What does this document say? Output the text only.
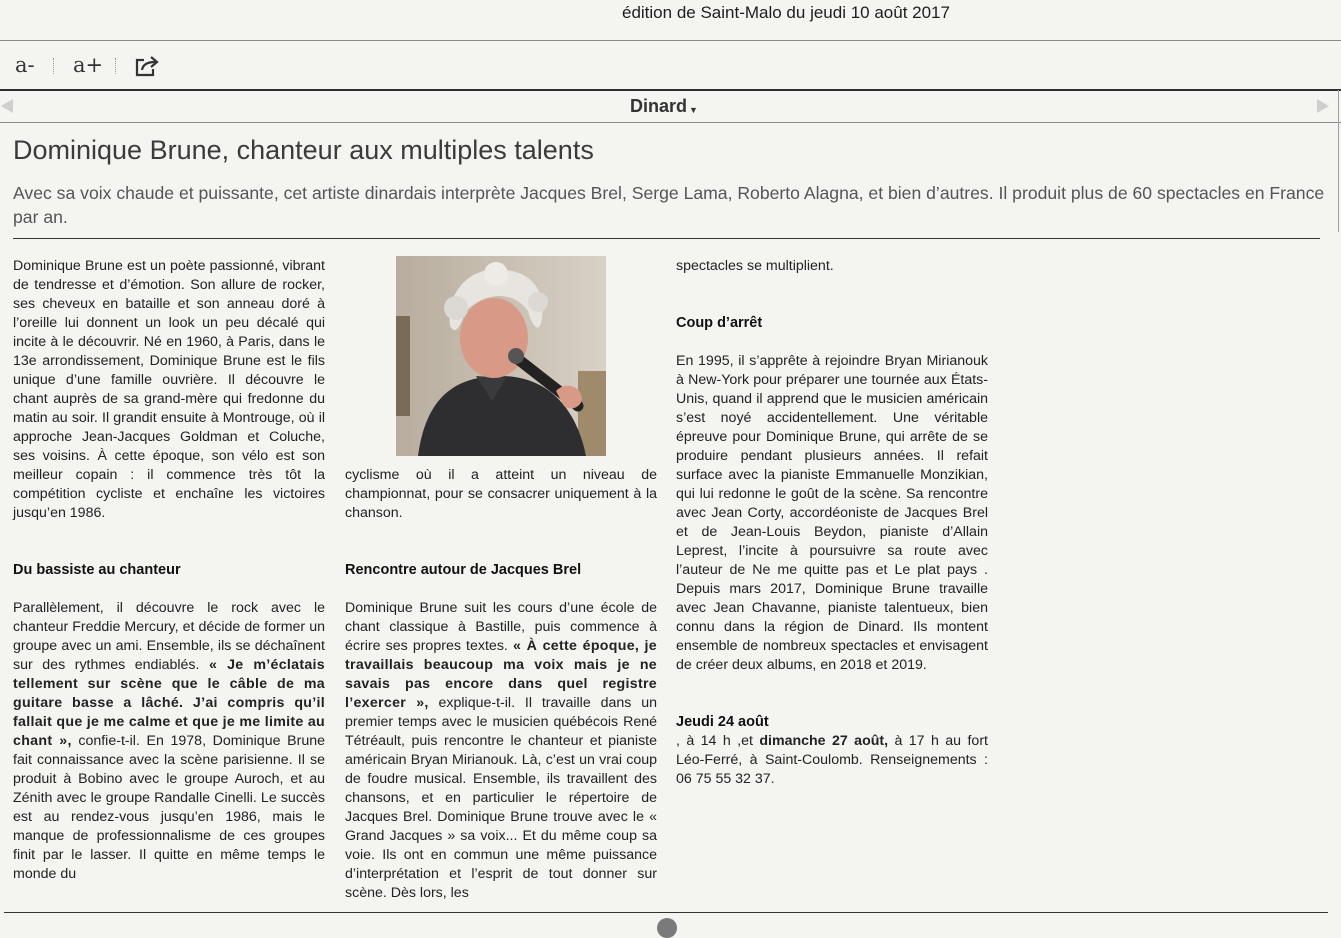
édition de Saint-Malo du jeudi 10 août 2017
a- a+
Dinard ▼
Dominique Brune, chanteur aux multiples talents

Avec sa voix chaude et puissante, cet artiste dinardais interprète Jacques Brel, Serge Lama, Roberto Alagna, et bien d’autres. Il produit plus de 60 spectacles en France par an.

Dominique Brune est un poète passionné, vibrant de tendresse et d’émotion. Son allure de rocker, ses cheveux en bataille et son anneau doré à l’oreille lui donnent un look un peu décalé qui incite à le découvrir. Né en 1960, à Paris, dans le 13e arrondissement, Dominique Brune est le fils unique d’une famille ouvrière. Il découvre le chant auprès de sa grand-mère qui fredonne du matin au soir. Il grandit ensuite à Montrouge, où il approche Jean-Jacques Goldman et Coluche, ses voisins. À cette époque, son vélo est son meilleur copain : il commence très tôt la compétition cycliste et enchaîne les victoires jusqu’en 1986.

Du bassiste au chanteur

Parallèlement, il découvre le rock avec le chanteur Freddie Mercury, et décide de former un groupe avec un ami. Ensemble, ils se déchaînent sur des rythmes endiablés. « Je m’éclatais tellement sur scène que le câble de ma guitare basse a lâché. J’ai compris qu’il fallait que je me calme et que je me limite au chant », confie-t-il. En 1978, Dominique Brune fait connaissance avec la scène parisienne. Il se produit à Bobino avec le groupe Auroch, et au Zénith avec le groupe Randalle Cinelli. Le succès est au rendez-vous jusqu’en 1986, mais le manque de professionnalisme de ces groupes finit par le lasser. Il quitte en même temps le monde du

cyclisme où il a atteint un niveau de championnat, pour se consacrer uniquement à la chanson.

Rencontre autour de Jacques Brel

Dominique Brune suit les cours d’une école de chant classique à Bastille, puis commence à écrire ses propres textes. « À cette époque, je travaillais beaucoup ma voix mais je ne savais pas encore dans quel registre l’exercer », explique-t-il. Il travaille dans un premier temps avec le musicien québécois René Tétréault, puis rencontre le chanteur et pianiste américain Bryan Mirianouk. Là, c’est un vrai coup de foudre musical. Ensemble, ils travaillent des chansons, et en particulier le répertoire de Jacques Brel. Dominique Brune trouve avec le « Grand Jacques » sa voix... Et du même coup sa voie. Ils ont en commun une même puissance d’interprétation et l’esprit de tout donner sur scène. Dès lors, les

spectacles se multiplient.

Coup d’arrêt

En 1995, il s’apprête à rejoindre Bryan Mirianouk à New-York pour préparer une tournée aux États-Unis, quand il apprend que le musicien américain s’est noyé accidentellement. Une véritable épreuve pour Dominique Brune, qui arrête de se produire pendant plusieurs années. Il refait surface avec la pianiste Emmanuelle Monzikian, qui lui redonne le goût de la scène. Sa rencontre avec Jean Corty, accordéoniste de Jacques Brel et de Jean-Louis Beydon, pianiste d’Allain Leprest, l’incite à poursuivre sa route avec l’auteur de Ne me quitte pas et Le plat pays . Depuis mars 2017, Dominique Brune travaille avec Jean Chavanne, pianiste talentueux, bien connu dans la région de Dinard. Ils montent ensemble de nombreux spectacles et envisagent de créer deux albums, en 2018 et 2019.

Jeudi 24 août

, à 14 h ,et dimanche 27 août, à 17 h au fort Léo-Ferré, à Saint-Coulomb. Renseignements : 06 75 55 32 37.
